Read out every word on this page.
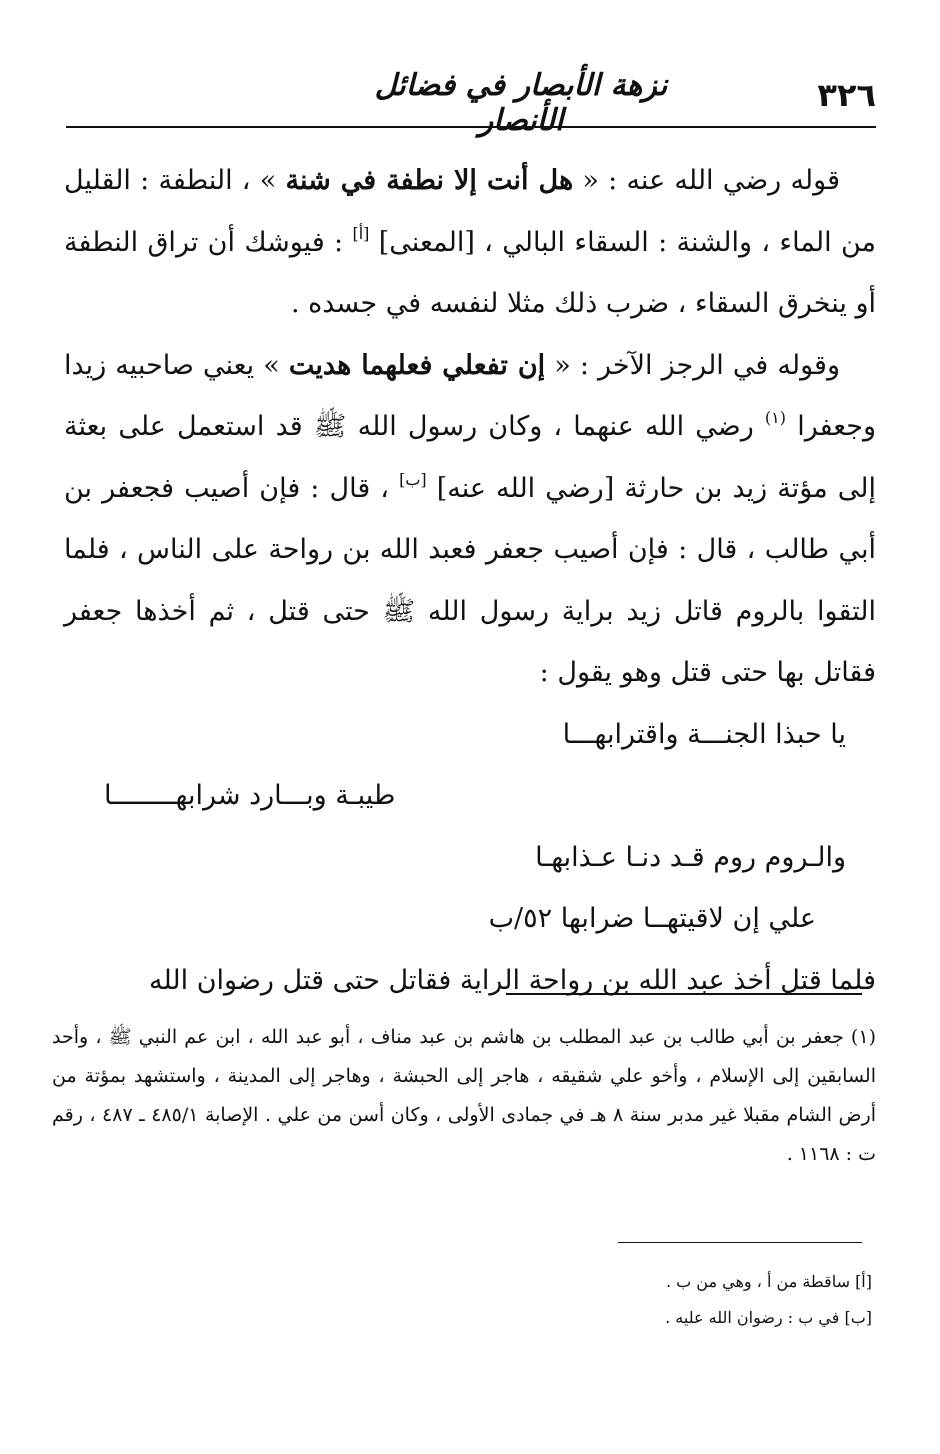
٣٢٦
نزهة الأبصار في فضائل الأنصار

قوله رضي الله عنه : « هل أنت إلا نطفة في شنة » ، النطفة : القليل من الماء ، والشنة : السقاء البالي ، [المعنى] [أ] : فيوشك أن تراق النطفة أو ينخرق السقاء ، ضرب ذلك مثلا لنفسه في جسده .

وقوله في الرجز الآخر : « إن تفعلي فعلهما هديت » يعني صاحبيه زيدا وجعفرا $^{(١)}$ رضي الله عنهما ، وكان رسول الله ﷺ قد استعمل على بعثة إلى مؤتة زيد بن حارثة [رضي الله عنه] [ب] ، قال : فإن أصيب فجعفر بن أبي طالب ، قال : فإن أصيب جعفر فعبد الله بن رواحة على الناس ، فلما التقوا بالروم قاتل زيد براية رسول الله ﷺ حتى قتل ، ثم أخذها جعفر فقاتل بها حتى قتل وهو يقول :

يا حبذا الجنـــة واقترابهـــا
طيبـة وبـــارد شرابهــــــــا
والـروم روم قـد دنـا عـذابهـا
علي إن لاقيتهــا ضرابها ٥٢/ب

فلما قتل أخذ عبد الله بن رواحة الراية فقاتل حتى قتل رضوان الله

(١) جعفر بن أبي طالب بن عبد المطلب بن هاشم بن عبد مناف ، أبو عبد الله ، ابن عم النبي ﷺ ، وأحد السابقين إلى الإسلام ، وأخو علي شقيقه ، هاجر إلى الحبشة ، وهاجر إلى المدينة ، واستشهد بمؤتة من أرض الشام مقبلا غير مدبر سنة ٨ هـ في جمادى الأولى ، وكان أسن من علي . الإصابة ٤٨٥/١ ـ ٤٨٧ ، رقم ت : ١١٦٨ .
[أ] ساقطة من أ ، وهي من ب .
[ب] في ب : رضوان الله عليه .
